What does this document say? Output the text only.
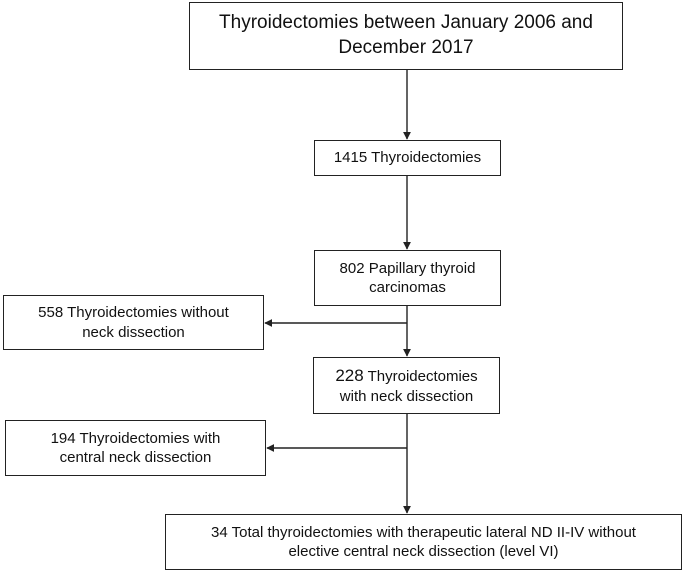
Thyroidectomies between January 2006 and
December 2017
1415 Thyroidectomies
802 Papillary thyroid
carcinomas
558 Thyroidectomies without
neck dissection
228 Thyroidectomies
with neck dissection
194 Thyroidectomies with
central neck dissection
34 Total thyroidectomies with therapeutic lateral ND II-IV without
elective central neck dissection (level VI)
